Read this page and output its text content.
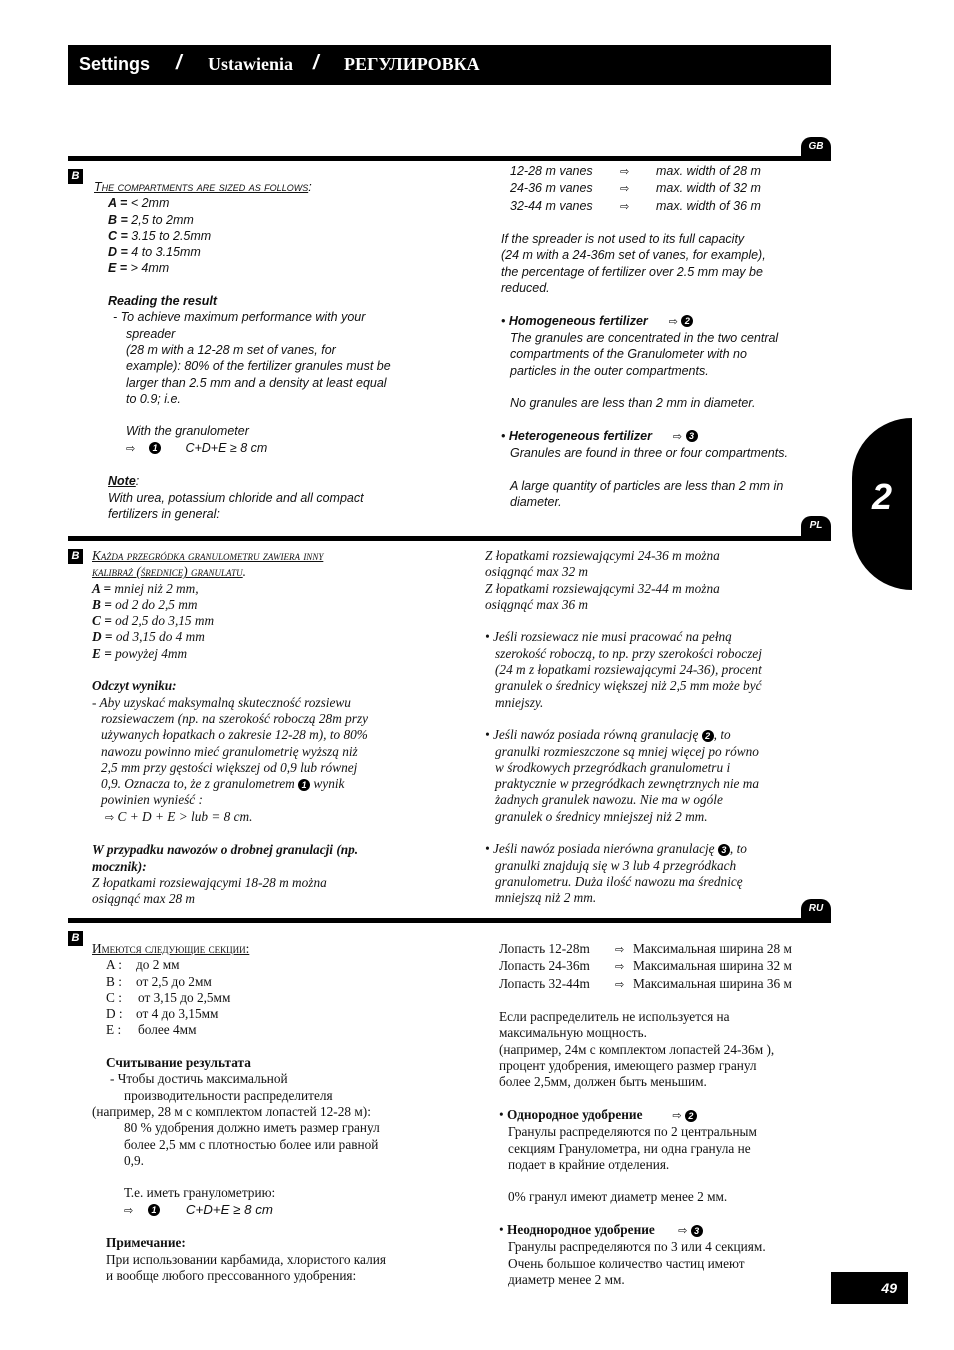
Settings / Ustawienia / РЕГУЛИРОВКА
2
GB
B
The compartments are sized as follows:
A = < 2mm
B = 2,5 to 2mm
C = 3.15 to 2.5mm
D = 4 to 3.15mm
E = > 4mm

Reading the result
- To achieve maximum performance with your
spreader
(28 m with a 12-28 m set of vanes, for
example): 80% of the fertilizer granules must be
larger than 2.5 mm and a density at least equal
to 0.9; i.e.

With the granulometer
⇨ 1 C+D+E ≥ 8 cm

Note:
With urea, potassium chloride and all compact
fertilizers in general:
12-28 m vanes ⇨ max. width of 28 m
24-36 m vanes ⇨ max. width of 32 m
32-44 m vanes ⇨ max. width of 36 m

If the spreader is not used to its full capacity
(24 m with a 24-36m set of vanes, for example),
the percentage of fertilizer over 2.5 mm may be
reduced.

• Homogeneous fertilizer ⇨ 2
The granules are concentrated in the two central
compartments of the Granulometer with no
particles in the outer compartments.

No granules are less than 2 mm in diameter.

• Heterogeneous fertilizer ⇨ 3
Granules are found in three or four compartments.

A large quantity of particles are less than 2 mm in
diameter.
PL
B Każda przegródka granulometru zawiera inny
kalibraż (średnicę) granulatu.
A = mniej niż 2 mm,
B = od 2 do 2,5 mm
C = od 2,5 do 3,15 mm
D = od 3,15 do 4 mm
E = powyżej 4mm

Odczyt wyniku:
- Aby uzyskać maksymalną skuteczność rozsiewu
rozsiewaczem (np. na szerokość roboczą 28m przy
używanych łopatkach o zakresie 12-28 m), to 80%
nawozu powinno mieć granulometrię wyższą niż
2,5 mm przy gęstości większej od 0,9 lub równej
0,9. Oznacza to, że z granulometrem 1 wynik
powinien wynieść :
⇨ C + D + E > lub = 8 cm.

W przypadku nawozów o drobnej granulacji (np.
mocznik):
Z łopatkami rozsiewającymi 18-28 m można
osiągnąć max 28 m
Z łopatkami rozsiewającymi 24-36 m można
osiągnąć max 32 m
Z łopatkami rozsiewającymi 32-44 m można
osiągnąć max 36 m

• Jeśli rozsiewacz nie musi pracować na pełną
szerokość roboczą, to np. przy szerokości roboczej
(24 m z łopatkami rozsiewającymi 24-36), procent
granulek o średnicy większej niż 2,5 mm może być
mniejszy.

• Jeśli nawóz posiada równą granulację 2 , to
granulki rozmieszczone są mniej więcej po równo
w środkowych przegródkach granulometru i
praktycznie w przegródkach zewnętrznych nie ma
żadnych granulek nawozu. Nie ma w ogóle
granulek o średnicy mniejszej niż 2 mm.

• Jeśli nawóz posiada nierówna granulację 3 , to
granulki znajdują się w 3 lub 4 przegródkach
granulometru. Duża ilość nawozu ma średnicę
mniejszą niż 2 mm.
RU
B
Имеются следующие секции:
A : до 2 мм
B : от 2,5 до 2мм
C : от 3,15 до 2,5мм
D : от 4 до 3,15мм
E : более 4мм

Считывание результата
- Чтобы достичь максимальной
производительности распределителя
(например, 28 м с комплектом лопастей 12-28 м):
80 % удобрения должно иметь размер гранул
более 2,5 мм с плотностью более или равной
0,9.

Т.е. иметь гранулометрию:
⇨ 1 C+D+E ≥ 8 cm

Примечание:
При использовании карбамида, хлористого калия
и вообще любого прессованного удобрения:
Лопасть 12-28m ⇨ Максимальная ширина 28 м
Лопасть 24-36m ⇨ Максимальная ширина 32 м
Лопасть 32-44m ⇨ Максимальная ширина 36 м

Если распределитель не используется на
максимальную мощность.
(например, 24м с комплектом лопастей 24-36м ),
процент удобрения, имеющего размер гранул
более 2,5мм, должен быть меньшим.

• Однородное удобрение	⇨ 2
Гранулы распределяются по 2 центральным
секциям Гранулометра, ни одна гранула не
подает в крайние отделения.

0% гранул имеют диаметр менее 2 мм.

• Неоднородное удобрение ⇨ 3
Гранулы распределяются по 3 или 4 секциям.
Очень большое количество частиц имеют
диаметр менее 2 мм.
49
